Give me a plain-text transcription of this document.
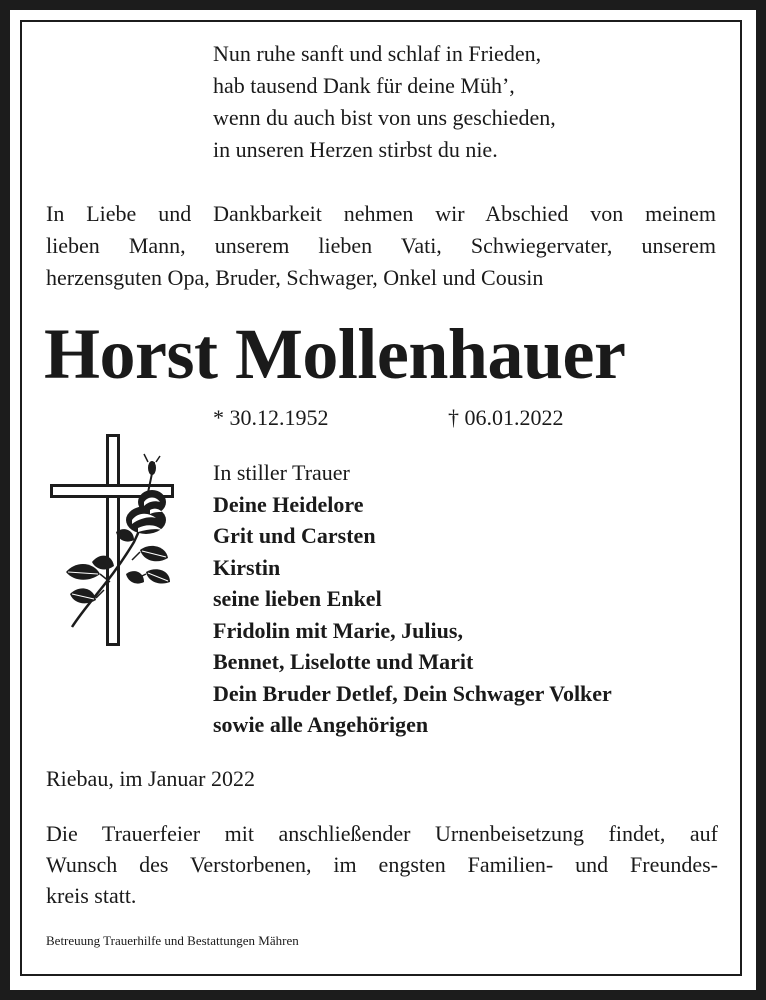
Nun ruhe sanft und schlaf in Frieden,
hab tausend Dank für deine Müh’,
wenn du auch bist von uns geschieden,
in unseren Herzen stirbst du nie.
In Liebe und Dankbarkeit nehmen wir Abschied von meinem
lieben Mann, unserem lieben Vati, Schwiegervater, unserem
herzensguten Opa, Bruder, Schwager, Onkel und Cousin
Horst Mollenhauer
* 30.12.1952	† 06.01.2022
In stiller Trauer
Deine Heidelore
Grit und Carsten
Kirstin
seine lieben Enkel
Fridolin mit Marie, Julius,
Bennet, Liselotte und Marit
Dein Bruder Detlef, Dein Schwager Volker
sowie alle Angehörigen
Riebau, im Januar 2022
Die Trauerfeier mit anschließender Urnenbeisetzung findet, auf
Wunsch des Verstorbenen, im engsten Familien- und Freundes-
kreis statt.
Betreuung Trauerhilfe und Bestattungen Mähren
